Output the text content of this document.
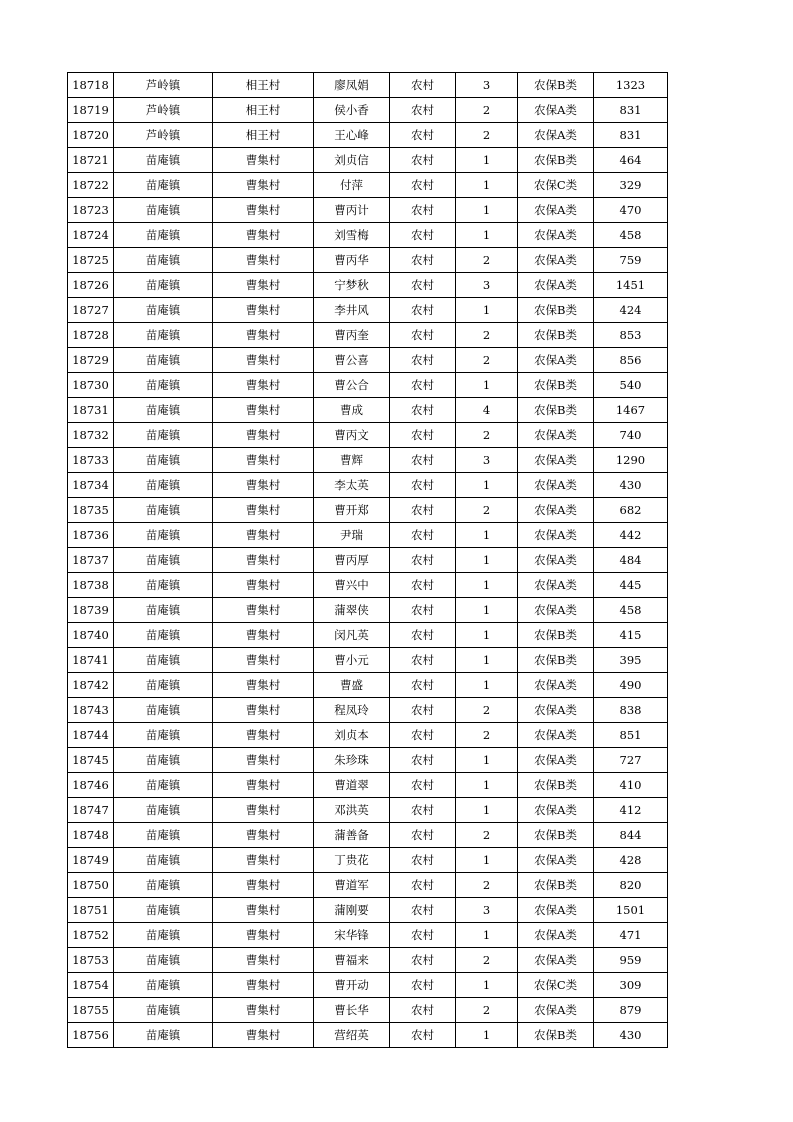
18718	芦岭镇	相王村	廖凤娟	农村	3	农保B类	1323
18719	芦岭镇	相王村	侯小香	农村	2	农保A类	831
18720	芦岭镇	相王村	王心峰	农村	2	农保A类	831
18721	苗庵镇	曹集村	刘贞信	农村	1	农保B类	464
18722	苗庵镇	曹集村	付萍	农村	1	农保C类	329
18723	苗庵镇	曹集村	曹丙计	农村	1	农保A类	470
18724	苗庵镇	曹集村	刘雪梅	农村	1	农保A类	458
18725	苗庵镇	曹集村	曹丙华	农村	2	农保A类	759
18726	苗庵镇	曹集村	宁梦秋	农村	3	农保A类	1451
18727	苗庵镇	曹集村	李井风	农村	1	农保B类	424
18728	苗庵镇	曹集村	曹丙奎	农村	2	农保B类	853
18729	苗庵镇	曹集村	曹公喜	农村	2	农保A类	856
18730	苗庵镇	曹集村	曹公合	农村	1	农保B类	540
18731	苗庵镇	曹集村	曹成	农村	4	农保B类	1467
18732	苗庵镇	曹集村	曹丙文	农村	2	农保A类	740
18733	苗庵镇	曹集村	曹辉	农村	3	农保A类	1290
18734	苗庵镇	曹集村	李太英	农村	1	农保A类	430
18735	苗庵镇	曹集村	曹开郑	农村	2	农保A类	682
18736	苗庵镇	曹集村	尹瑞	农村	1	农保A类	442
18737	苗庵镇	曹集村	曹丙厚	农村	1	农保A类	484
18738	苗庵镇	曹集村	曹兴中	农村	1	农保A类	445
18739	苗庵镇	曹集村	蒲翠侠	农村	1	农保A类	458
18740	苗庵镇	曹集村	闵凡英	农村	1	农保B类	415
18741	苗庵镇	曹集村	曹小元	农村	1	农保B类	395
18742	苗庵镇	曹集村	曹盛	农村	1	农保A类	490
18743	苗庵镇	曹集村	程凤玲	农村	2	农保A类	838
18744	苗庵镇	曹集村	刘贞本	农村	2	农保A类	851
18745	苗庵镇	曹集村	朱珍珠	农村	1	农保A类	727
18746	苗庵镇	曹集村	曹道翠	农村	1	农保B类	410
18747	苗庵镇	曹集村	邓洪英	农村	1	农保A类	412
18748	苗庵镇	曹集村	蒲善备	农村	2	农保B类	844
18749	苗庵镇	曹集村	丁贵花	农村	1	农保A类	428
18750	苗庵镇	曹集村	曹道军	农村	2	农保B类	820
18751	苗庵镇	曹集村	蒲刚要	农村	3	农保A类	1501
18752	苗庵镇	曹集村	宋华锋	农村	1	农保A类	471
18753	苗庵镇	曹集村	曹福来	农村	2	农保A类	959
18754	苗庵镇	曹集村	曹开动	农村	1	农保C类	309
18755	苗庵镇	曹集村	曹长华	农村	2	农保A类	879
18756	苗庵镇	曹集村	营绍英	农村	1	农保B类	430
